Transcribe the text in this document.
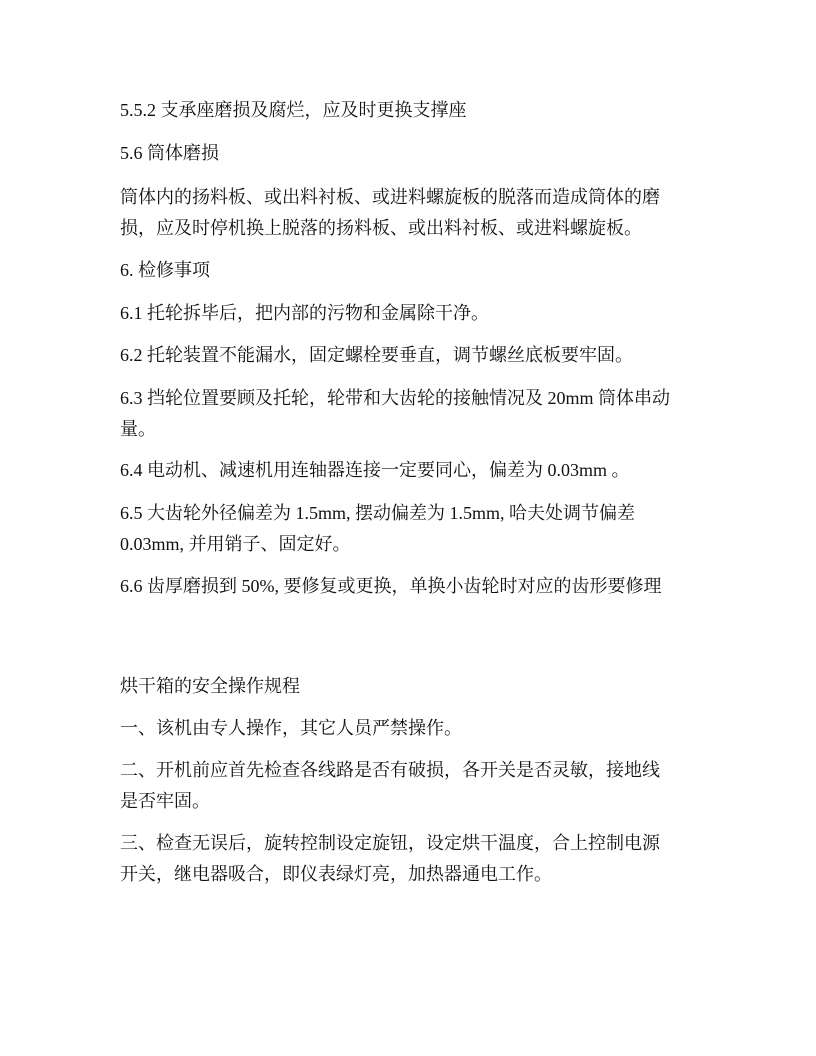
5.5.2 支承座磨损及腐烂，应及时更换支撑座
5.6 筒体磨损
筒体内的扬料板、或出料衬板、或进料螺旋板的脱落而造成筒体的磨
损，应及时停机换上脱落的扬料板、或出料衬板、或进料螺旋板。
6. 检修事项
6.1 托轮拆毕后，把内部的污物和金属除干净。
6.2 托轮装置不能漏水，固定螺栓要垂直，调节螺丝底板要牢固。
6.3 挡轮位置要顾及托轮，轮带和大齿轮的接触情况及 20mm 筒体串动
量。
6.4 电动机、减速机用连轴器连接一定要同心，偏差为 0.03mm 。
6.5 大齿轮外径偏差为 1.5mm, 摆动偏差为 1.5mm, 哈夫处调节偏差
0.03mm, 并用销子、固定好。
6.6 齿厚磨损到 50%, 要修复或更换，单换小齿轮时对应的齿形要修理
烘干箱的安全操作规程
一、该机由专人操作，其它人员严禁操作。
二、开机前应首先检查各线路是否有破损，各开关是否灵敏，接地线
是否牢固。
三、检查无误后，旋转控制设定旋钮，设定烘干温度，合上控制电源
开关，继电器吸合，即仪表绿灯亮，加热器通电工作。
